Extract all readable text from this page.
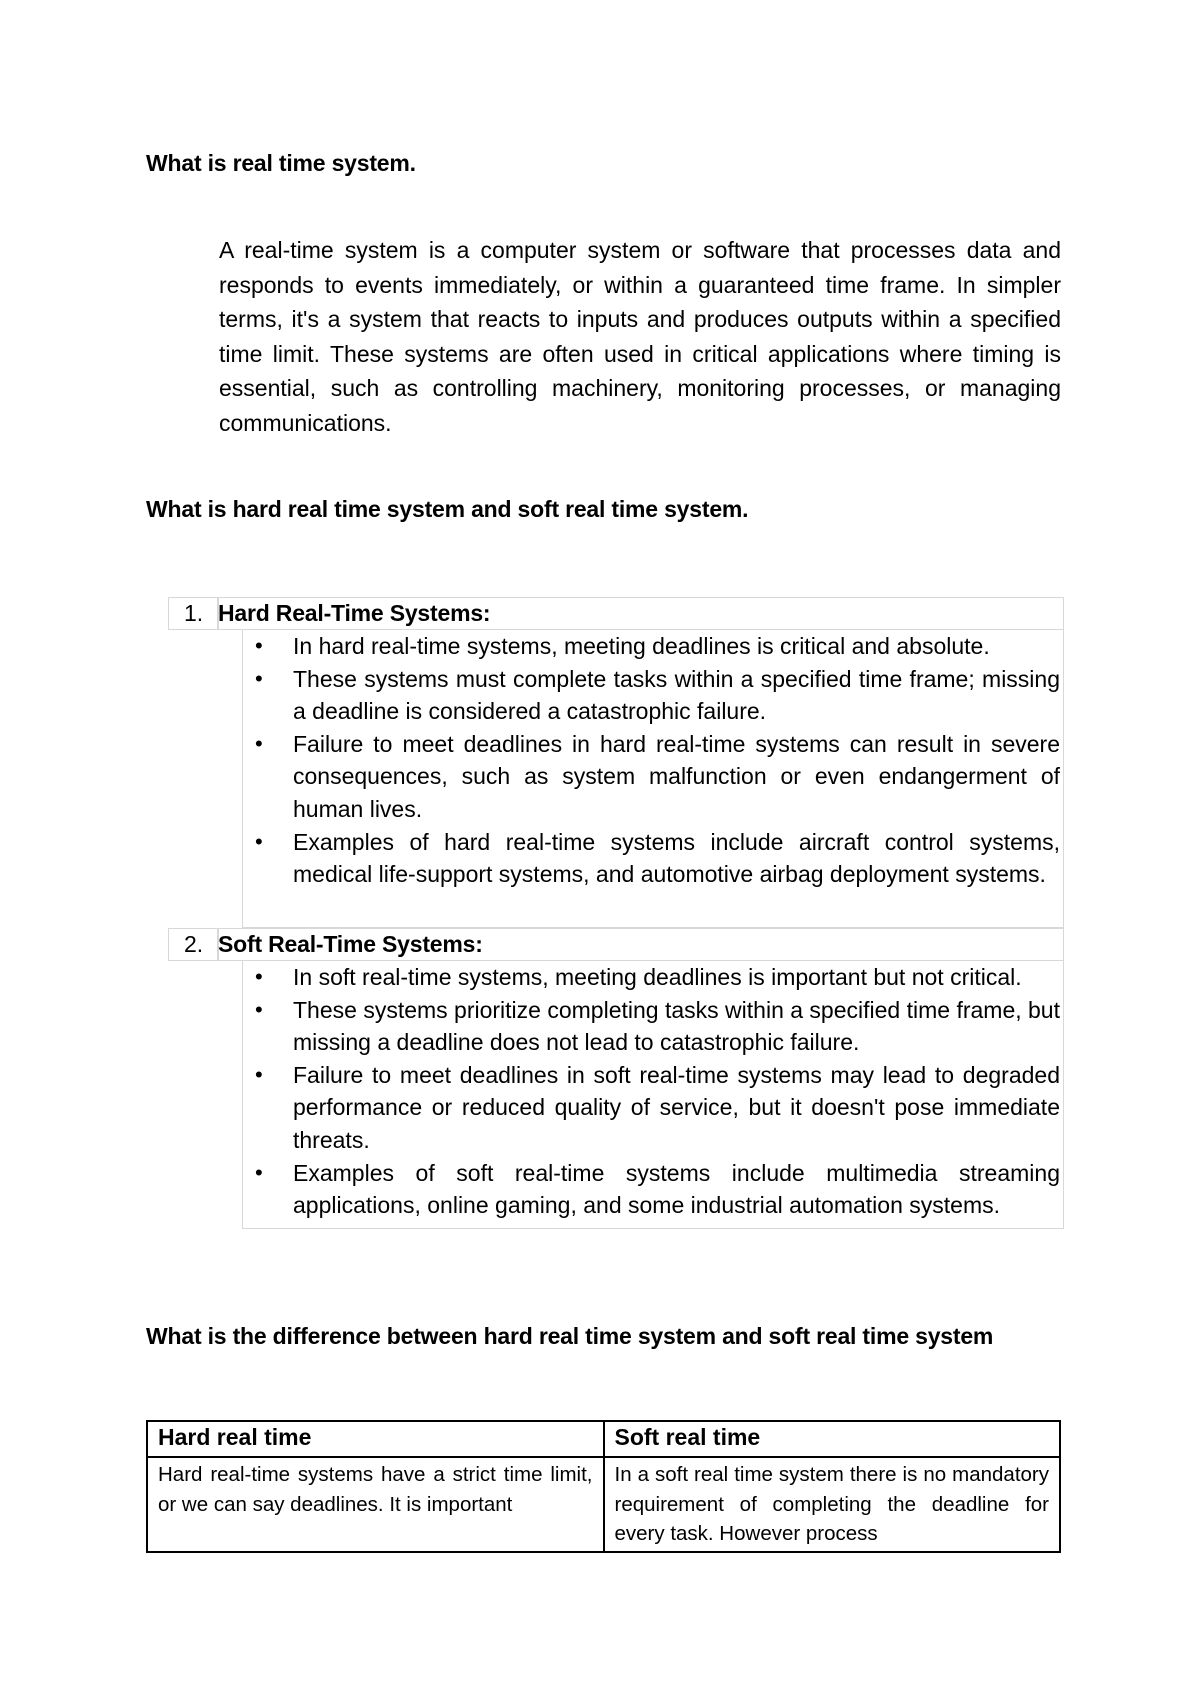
What is real time system.
A real-time system is a computer system or software that processes data and responds to events immediately, or within a guaranteed time frame. In simpler terms, it's a system that reacts to inputs and produces outputs within a specified time limit. These systems are often used in critical applications where timing is essential, such as controlling machinery, monitoring processes, or managing communications.
What is hard real time system and soft real time system.
1. Hard Real-Time Systems:
• In hard real-time systems, meeting deadlines is critical and absolute.
• These systems must complete tasks within a specified time frame; missing a deadline is considered a catastrophic failure.
• Failure to meet deadlines in hard real-time systems can result in severe consequences, such as system malfunction or even endangerment of human lives.
• Examples of hard real-time systems include aircraft control systems, medical life-support systems, and automotive airbag deployment systems.
2. Soft Real-Time Systems:
• In soft real-time systems, meeting deadlines is important but not critical.
• These systems prioritize completing tasks within a specified time frame, but missing a deadline does not lead to catastrophic failure.
• Failure to meet deadlines in soft real-time systems may lead to degraded performance or reduced quality of service, but it doesn't pose immediate threats.
• Examples of soft real-time systems include multimedia streaming applications, online gaming, and some industrial automation systems.
What is the difference between hard real time system and soft real time system
Hard real time	Soft real time
Hard real-time systems have a strict time limit, or we can say deadlines. It is important	In a soft real time system there is no mandatory requirement of completing the deadline for every task. However process
